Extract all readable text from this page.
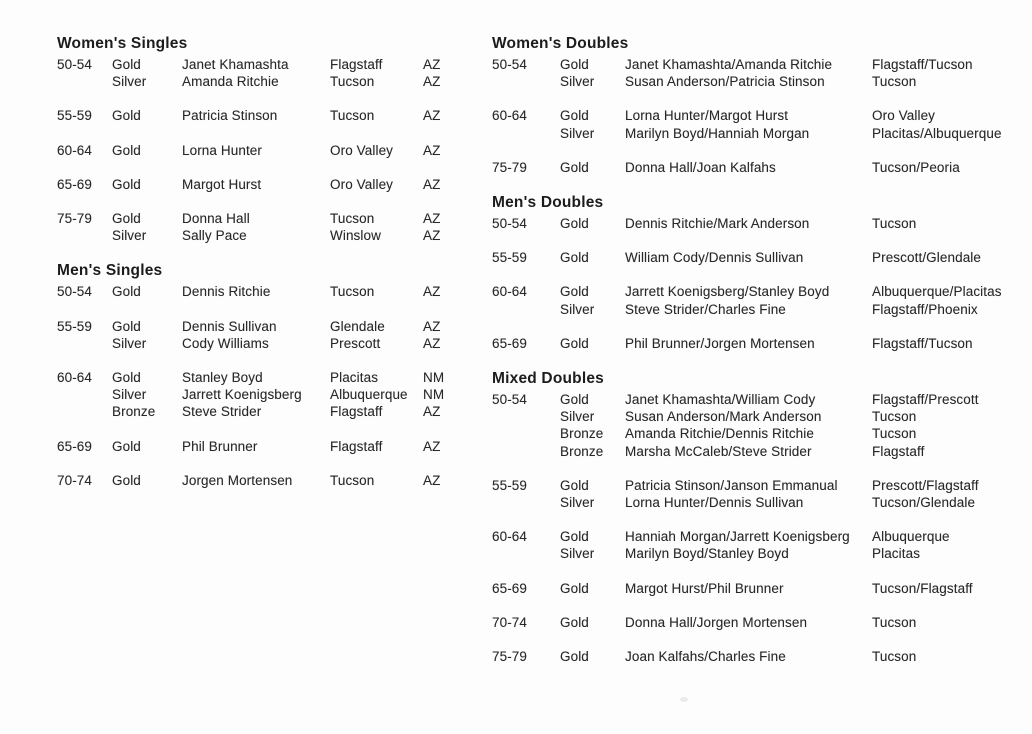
Women's Singles
50-54	Gold	Janet Khamashta	Flagstaff	AZ
Silver	Amanda Ritchie	Tucson	AZ
55-59	Gold	Patricia Stinson	Tucson	AZ
60-64	Gold	Lorna Hunter	Oro Valley	AZ
65-69	Gold	Margot Hurst	Oro Valley	AZ
75-79	Gold	Donna Hall	Tucson	AZ
Silver	Sally Pace	Winslow	AZ
Men's Singles
50-54	Gold	Dennis Ritchie	Tucson	AZ
55-59	Gold	Dennis Sullivan	Glendale	AZ
Silver	Cody Williams	Prescott	AZ
60-64	Gold	Stanley Boyd	Placitas	NM
Silver	Jarrett Koenigsberg	Albuquerque	NM
Bronze	Steve Strider	Flagstaff	AZ
65-69	Gold	Phil Brunner	Flagstaff	AZ
70-74	Gold	Jorgen Mortensen	Tucson	AZ
Women's Doubles
50-54	Gold	Janet Khamashta/Amanda Ritchie	Flagstaff/Tucson
Silver	Susan Anderson/Patricia Stinson	Tucson
60-64	Gold	Lorna Hunter/Margot Hurst	Oro Valley
Silver	Marilyn Boyd/Hanniah Morgan	Placitas/Albuquerque
75-79	Gold	Donna Hall/Joan Kalfahs	Tucson/Peoria
Men's Doubles
50-54	Gold	Dennis Ritchie/Mark Anderson	Tucson
55-59	Gold	William Cody/Dennis Sullivan	Prescott/Glendale
60-64	Gold	Jarrett Koenigsberg/Stanley Boyd	Albuquerque/Placitas
Silver	Steve Strider/Charles Fine	Flagstaff/Phoenix
65-69	Gold	Phil Brunner/Jorgen Mortensen	Flagstaff/Tucson
Mixed Doubles
50-54	Gold	Janet Khamashta/William Cody	Flagstaff/Prescott
Silver	Susan Anderson/Mark Anderson	Tucson
Bronze	Amanda Ritchie/Dennis Ritchie	Tucson
Bronze	Marsha McCaleb/Steve Strider	Flagstaff
55-59	Gold	Patricia Stinson/Janson Emmanual	Prescott/Flagstaff
Silver	Lorna Hunter/Dennis Sullivan	Tucson/Glendale
60-64	Gold	Hanniah Morgan/Jarrett Koenigsberg	Albuquerque
Silver	Marilyn Boyd/Stanley Boyd	Placitas
65-69	Gold	Margot Hurst/Phil Brunner	Tucson/Flagstaff
70-74	Gold	Donna Hall/Jorgen Mortensen	Tucson
75-79	Gold	Joan Kalfahs/Charles Fine	Tucson
